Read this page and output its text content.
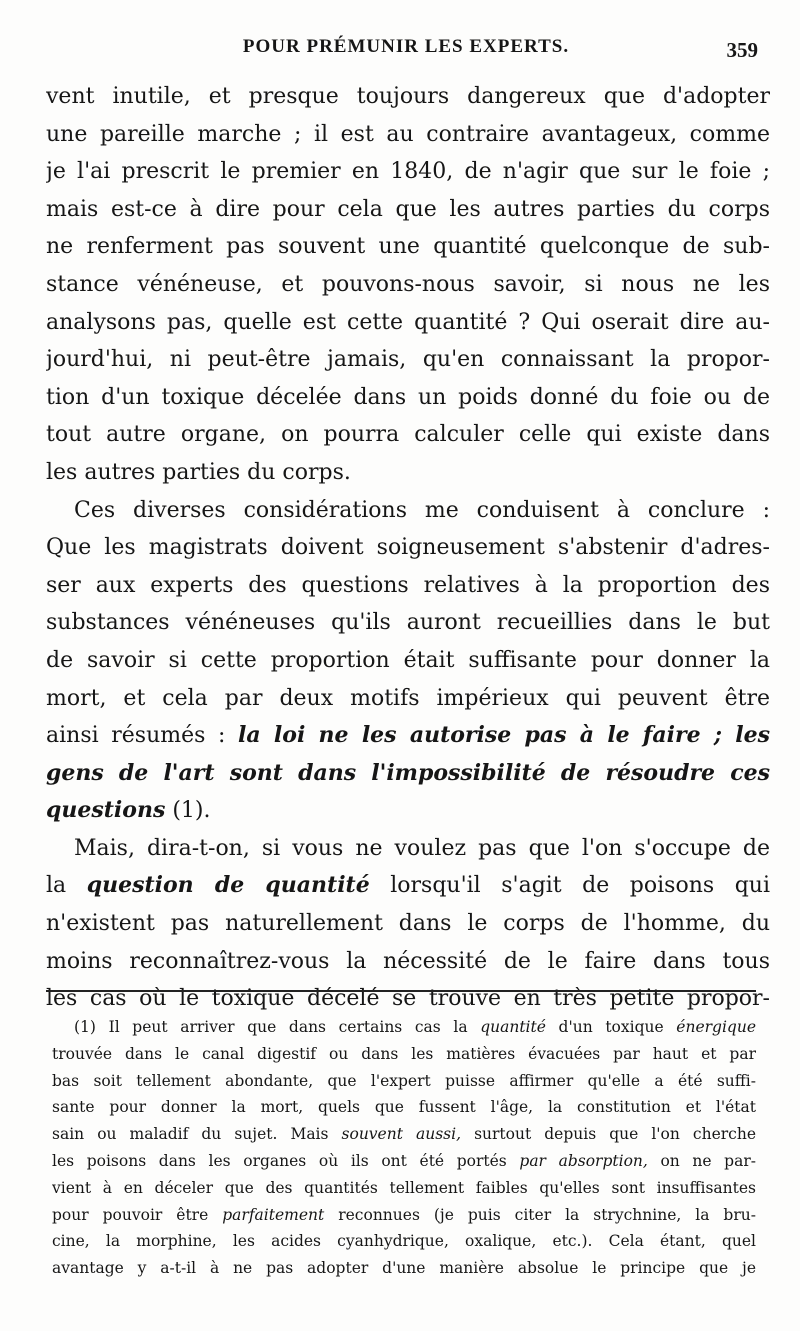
POUR PRÉMUNIR LES EXPERTS.	359
vent inutile, et presque toujours dangereux que d'adopter
une pareille marche ; il est au contraire avantageux, comme
je l'ai prescrit le premier en 1840, de n'agir que sur le foie ;
mais est-ce à dire pour cela que les autres parties du corps
ne renferment pas souvent une quantité quelconque de sub-
stance vénéneuse, et pouvons-nous savoir, si nous ne les
analysons pas, quelle est cette quantité ? Qui oserait dire au-
jourd'hui, ni peut-être jamais, qu'en connaissant la propor-
tion d'un toxique décelée dans un poids donné du foie ou de
tout autre organe, on pourra calculer celle qui existe dans
les autres parties du corps.
Ces diverses considérations me conduisent à conclure :
Que les magistrats doivent soigneusement s'abstenir d'adres-
ser aux experts des questions relatives à la proportion des
substances vénéneuses qu'ils auront recueillies dans le but
de savoir si cette proportion était suffisante pour donner la
mort, et cela par deux motifs impérieux qui peuvent être
ainsi résumés : la loi ne les autorise pas à le faire ; les
gens de l'art sont dans l'impossibilité de résoudre ces
questions (1).
Mais, dira-t-on, si vous ne voulez pas que l'on s'occupe de
la question de quantité lorsqu'il s'agit de poisons qui
n'existent pas naturellement dans le corps de l'homme, du
moins reconnaîtrez-vous la nécessité de le faire dans tous
les cas où le toxique décelé se trouve en très petite propor-
(1) Il peut arriver que dans certains cas la quantité d'un toxique énergique
trouvée dans le canal digestif ou dans les matières évacuées par haut et par
bas soit tellement abondante, que l'expert puisse affirmer qu'elle a été suffi-
sante pour donner la mort, quels que fussent l'âge, la constitution et l'état
sain ou maladif du sujet. Mais souvent aussi, surtout depuis que l'on cherche
les poisons dans les organes où ils ont été portés par absorption, on ne par-
vient à en déceler que des quantités tellement faibles qu'elles sont insuffisantes
pour pouvoir être parfaitement reconnues (je puis citer la strychnine, la bru-
cine, la morphine, les acides cyanhydrique, oxalique, etc.). Cela étant, quel
avantage y a-t-il à ne pas adopter d'une manière absolue le principe que je
